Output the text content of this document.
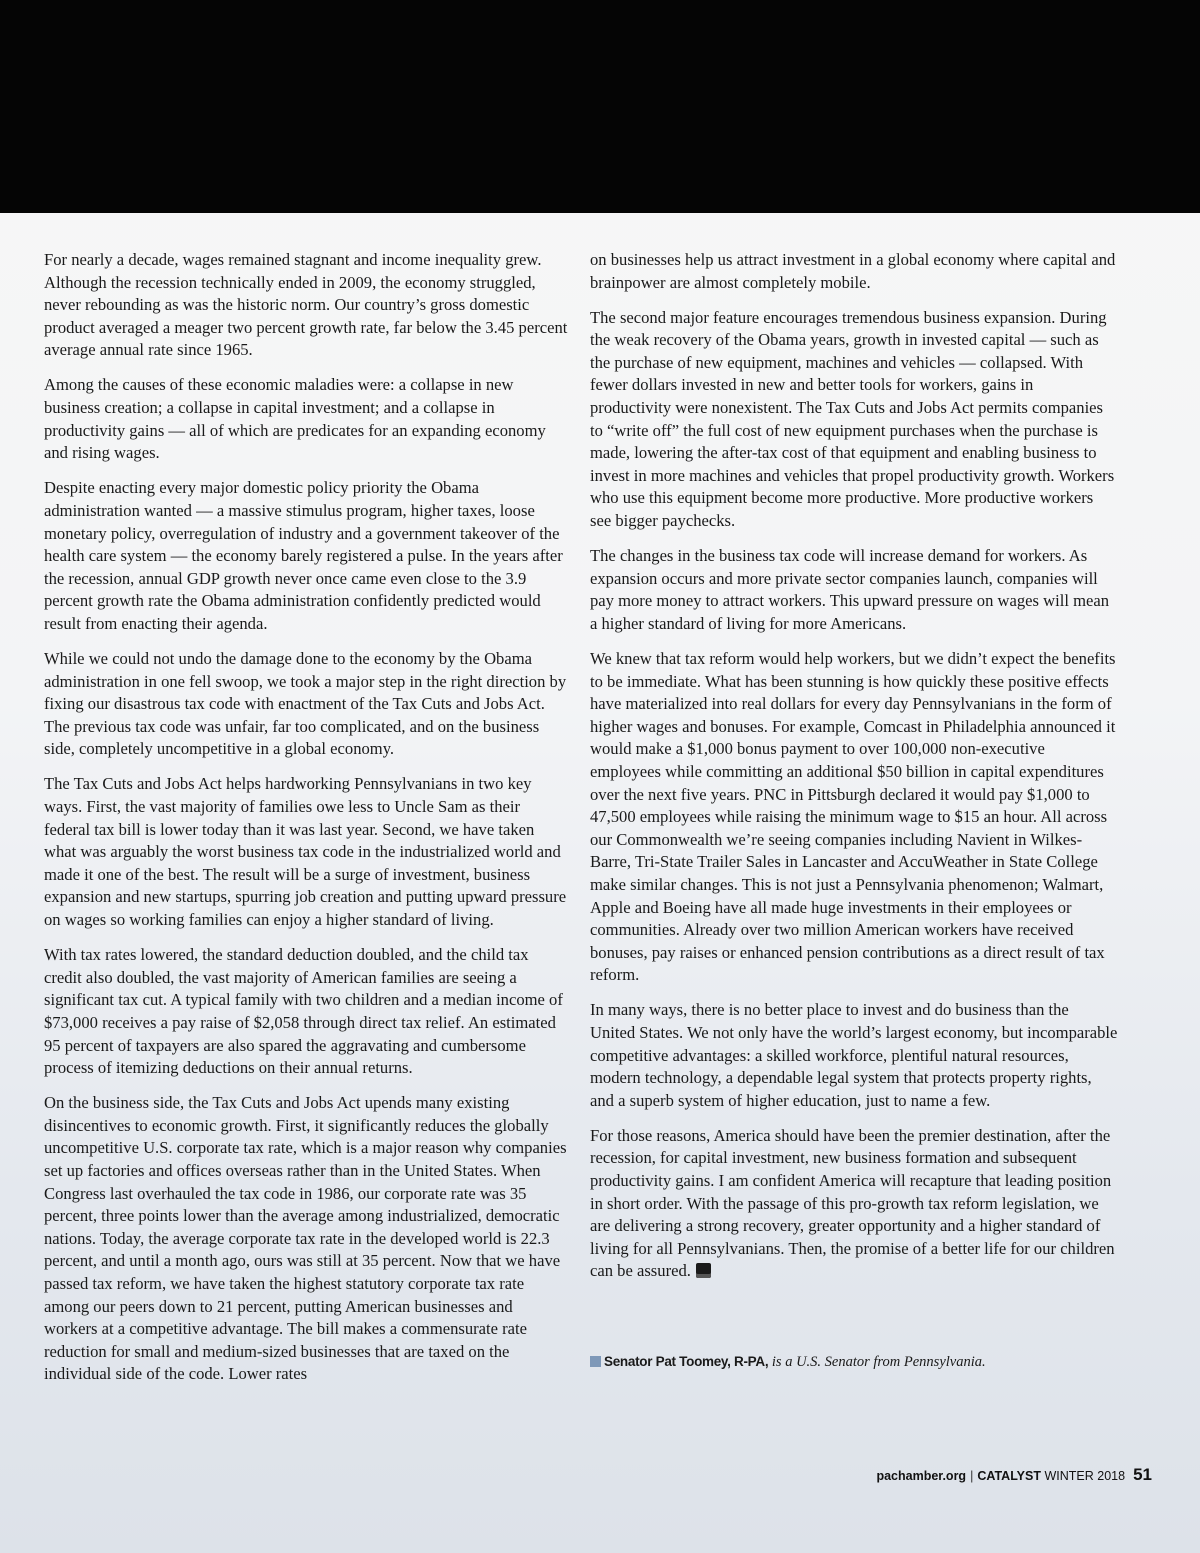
For nearly a decade, wages remained stagnant and income inequality grew. Although the recession technically ended in 2009, the economy struggled, never rebounding as was the historic norm. Our country’s gross domestic product averaged a meager two percent growth rate, far below the 3.45 percent average annual rate since 1965.

Among the causes of these economic maladies were: a collapse in new business creation; a collapse in capital investment; and a collapse in productivity gains — all of which are predicates for an expanding economy and rising wages.

Despite enacting every major domestic policy priority the Obama administration wanted — a massive stimulus program, higher taxes, loose monetary policy, overregulation of industry and a government takeover of the health care system — the economy barely registered a pulse. In the years after the recession, annual GDP growth never once came even close to the 3.9 percent growth rate the Obama administration confidently predicted would result from enacting their agenda.

While we could not undo the damage done to the economy by the Obama administration in one fell swoop, we took a major step in the right direction by fixing our disastrous tax code with enactment of the Tax Cuts and Jobs Act. The previous tax code was unfair, far too complicated, and on the business side, completely uncompetitive in a global economy.

The Tax Cuts and Jobs Act helps hardworking Pennsylvanians in two key ways. First, the vast majority of families owe less to Uncle Sam as their federal tax bill is lower today than it was last year. Second, we have taken what was arguably the worst business tax code in the industrialized world and made it one of the best. The result will be a surge of investment, business expansion and new startups, spurring job creation and putting upward pressure on wages so working families can enjoy a higher standard of living.

With tax rates lowered, the standard deduction doubled, and the child tax credit also doubled, the vast majority of American families are seeing a significant tax cut. A typical family with two children and a median income of $73,000 receives a pay raise of $2,058 through direct tax relief. An estimated 95 percent of taxpayers are also spared the aggravating and cumbersome process of itemizing deductions on their annual returns.

On the business side, the Tax Cuts and Jobs Act upends many existing disincentives to economic growth. First, it significantly reduces the globally uncompetitive U.S. corporate tax rate, which is a major reason why companies set up factories and offices overseas rather than in the United States. When Congress last overhauled the tax code in 1986, our corporate rate was 35 percent, three points lower than the average among industrialized, democratic nations. Today, the average corporate tax rate in the developed world is 22.3 percent, and until a month ago, ours was still at 35 percent. Now that we have passed tax reform, we have taken the highest statutory corporate tax rate among our peers down to 21 percent, putting American businesses and workers at a competitive advantage. The bill makes a commensurate rate reduction for small and medium-sized businesses that are taxed on the individual side of the code. Lower rates

on businesses help us attract investment in a global economy where capital and brainpower are almost completely mobile.

The second major feature encourages tremendous business expansion. During the weak recovery of the Obama years, growth in invested capital — such as the purchase of new equipment, machines and vehicles — collapsed. With fewer dollars invested in new and better tools for workers, gains in productivity were nonexistent. The Tax Cuts and Jobs Act permits companies to “write off” the full cost of new equipment purchases when the purchase is made, lowering the after-tax cost of that equipment and enabling business to invest in more machines and vehicles that propel productivity growth. Workers who use this equipment become more productive. More productive workers see bigger paychecks.

The changes in the business tax code will increase demand for workers. As expansion occurs and more private sector companies launch, companies will pay more money to attract workers. This upward pressure on wages will mean a higher standard of living for more Americans.

We knew that tax reform would help workers, but we didn’t expect the benefits to be immediate. What has been stunning is how quickly these positive effects have materialized into real dollars for every day Pennsylvanians in the form of higher wages and bonuses. For example, Comcast in Philadelphia announced it would make a $1,000 bonus payment to over 100,000 non-executive employees while committing an additional $50 billion in capital expenditures over the next five years. PNC in Pittsburgh declared it would pay $1,000 to 47,500 employees while raising the minimum wage to $15 an hour. All across our Commonwealth we’re seeing companies including Navient in Wilkes-Barre, Tri-State Trailer Sales in Lancaster and AccuWeather in State College make similar changes. This is not just a Pennsylvania phenomenon; Walmart, Apple and Boeing have all made huge investments in their employees or communities. Already over two million American workers have received bonuses, pay raises or enhanced pension contributions as a direct result of tax reform.

In many ways, there is no better place to invest and do business than the United States. We not only have the world’s largest economy, but incomparable competitive advantages: a skilled workforce, plentiful natural resources, modern technology, a dependable legal system that protects property rights, and a superb system of higher education, just to name a few.

For those reasons, America should have been the premier destination, after the recession, for capital investment, new business formation and subsequent productivity gains. I am confident America will recapture that leading position in short order. With the passage of this pro-growth tax reform legislation, we are delivering a strong recovery, greater opportunity and a higher standard of living for all Pennsylvanians. Then, the promise of a better life for our children can be assured.

Senator Pat Toomey, R-PA, is a U.S. Senator from Pennsylvania.
pachamber.org | CATALYST WINTER 2018 51
